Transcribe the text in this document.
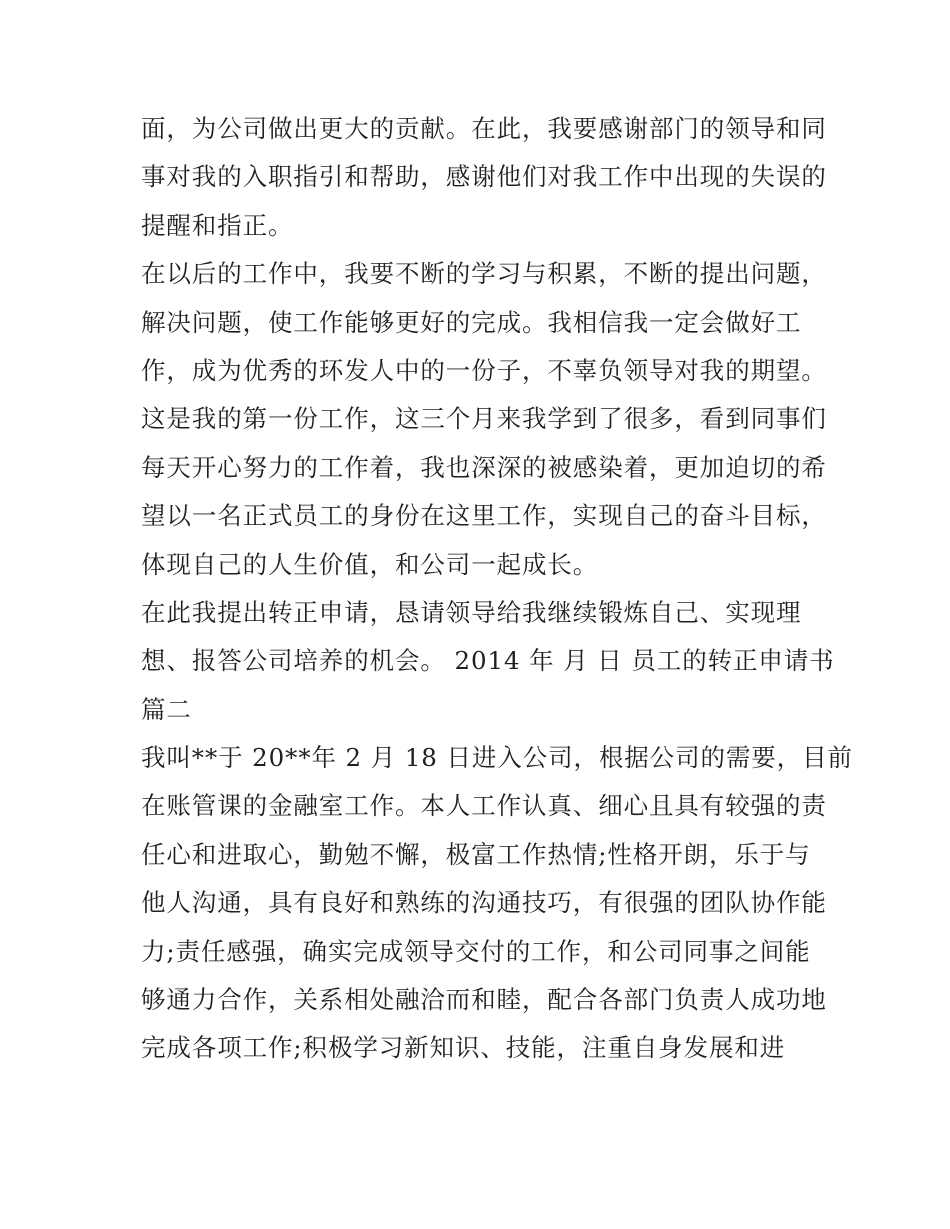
面，为公司做出更大的贡献。在此，我要感谢部门的领导和同
事对我的入职指引和帮助，感谢他们对我工作中出现的失误的
提醒和指正。
在以后的工作中，我要不断的学习与积累，不断的提出问题，
解决问题，使工作能够更好的完成。我相信我一定会做好工
作，成为优秀的环发人中的一份子，不辜负领导对我的期望。
这是我的第一份工作，这三个月来我学到了很多，看到同事们
每天开心努力的工作着，我也深深的被感染着，更加迫切的希
望以一名正式员工的身份在这里工作，实现自己的奋斗目标，
体现自己的人生价值，和公司一起成长。
在此我提出转正申请，恳请领导给我继续锻炼自己、实现理
想、报答公司培养的机会。 2014 年 月 日 员工的转正申请书
篇二
我叫**于 20**年 2 月 18 日进入公司，根据公司的需要，目前
在账管课的金融室工作。本人工作认真、细心且具有较强的责
任心和进取心，勤勉不懈，极富工作热情;性格开朗，乐于与
他人沟通，具有良好和熟练的沟通技巧，有很强的团队协作能
力;责任感强，确实完成领导交付的工作，和公司同事之间能
够通力合作，关系相处融洽而和睦，配合各部门负责人成功地
完成各项工作;积极学习新知识、技能，注重自身发展和进
